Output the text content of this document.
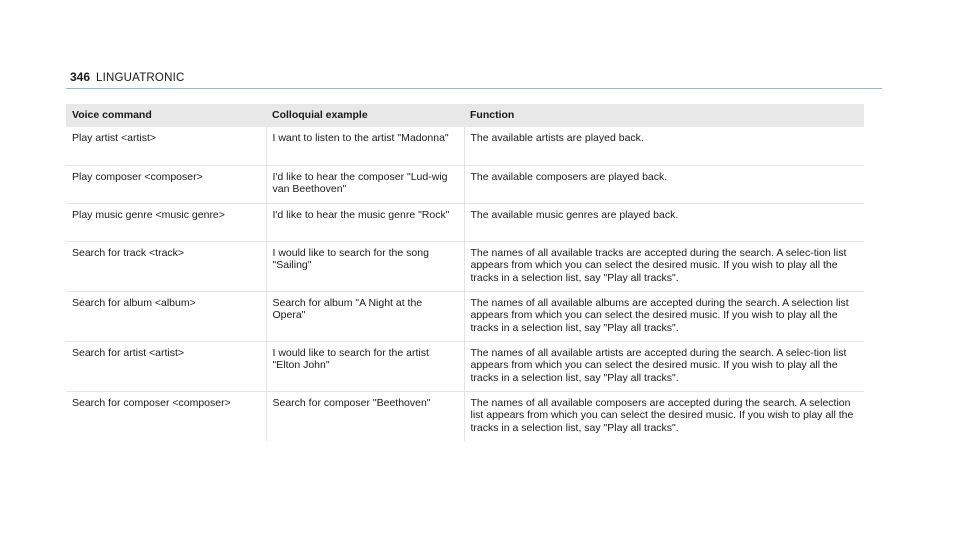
346 LINGUATRONIC
Voice command	Colloquial example	Function
Play artist <artist>	I want to listen to the artist "Madonna"	The available artists are played back.
Play composer <composer>	I'd like to hear the composer "Lud-wig van Beethoven"	The available composers are played back.
Play music genre <music genre>	I'd like to hear the music genre "Rock"	The available music genres are played back.
Search for track <track>	I would like to search for the song "Sailing"	The names of all available tracks are accepted during the search. A selec-tion list appears from which you can select the desired music. If you wish to play all the tracks in a selection list, say "Play all tracks".
Search for album <album>	Search for album "A Night at the Opera"	The names of all available albums are accepted during the search. A selection list appears from which you can select the desired music. If you wish to play all the tracks in a selection list, say "Play all tracks".
Search for artist <artist>	I would like to search for the artist "Elton John"	The names of all available artists are accepted during the search. A selec-tion list appears from which you can select the desired music. If you wish to play all the tracks in a selection list, say "Play all tracks".
Search for composer <composer>	Search for composer "Beethoven"	The names of all available composers are accepted during the search. A selection list appears from which you can select the desired music. If you wish to play all the tracks in a selection list, say "Play all tracks".
